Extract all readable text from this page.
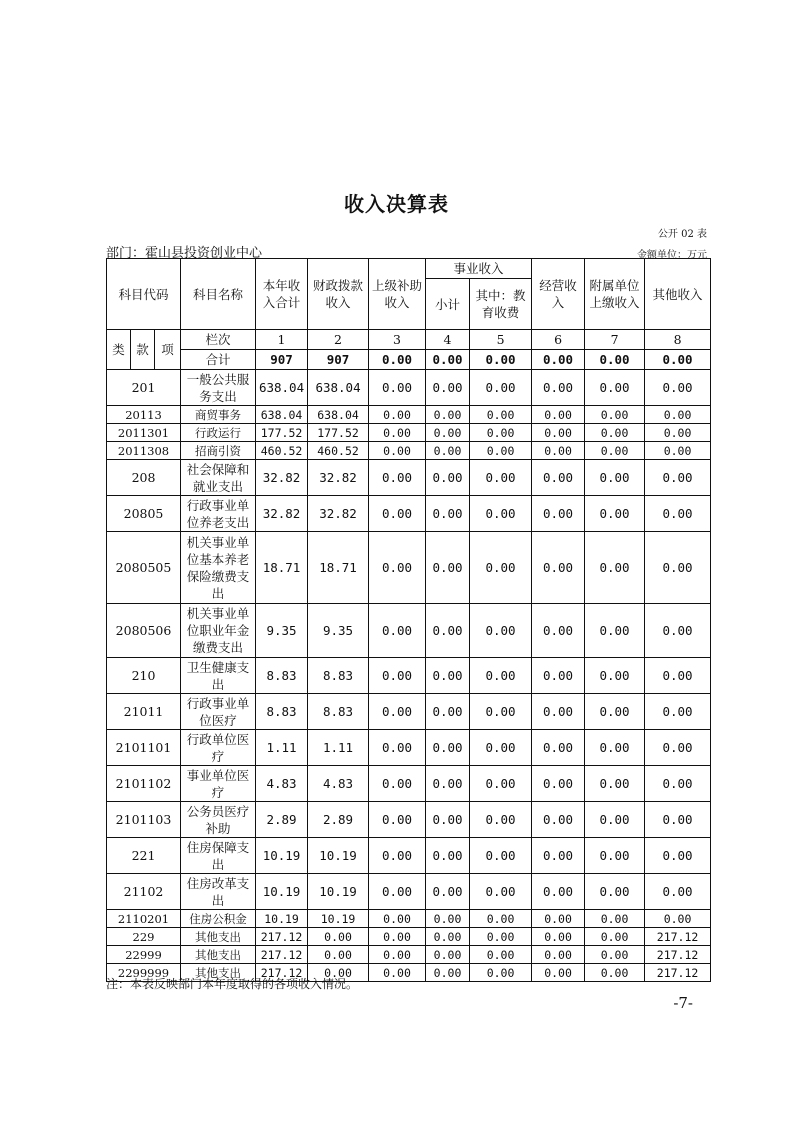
收入决算表
公开 02 表
部门：霍山县投资创业中心	金额单位：万元
科目代码			科目名称	本年收入合计	财政拨款收入	上级补助收入	事业收入		经营收入	附属单位上缴收入	其他收入
							小计	其中：教育收费			

类	款	项	栏次	1	2	3	4	5	6	7	8
			合计	907	907	0.00	0.00	0.00	0.00	0.00	0.00
201			一般公共服务支出	638.04	638.04	0.00	0.00	0.00	0.00	0.00	0.00
20113			商贸事务	638.04	638.04	0.00	0.00	0.00	0.00	0.00	0.00
2011301			行政运行	177.52	177.52	0.00	0.00	0.00	0.00	0.00	0.00
2011308			招商引资	460.52	460.52	0.00	0.00	0.00	0.00	0.00	0.00
208			社会保障和就业支出	32.82	32.82	0.00	0.00	0.00	0.00	0.00	0.00
20805			行政事业单位养老支出	32.82	32.82	0.00	0.00	0.00	0.00	0.00	0.00
2080505			机关事业单位基本养老保险缴费支出	18.71	18.71	0.00	0.00	0.00	0.00	0.00	0.00
2080506			机关事业单位职业年金缴费支出	9.35	9.35	0.00	0.00	0.00	0.00	0.00	0.00
210			卫生健康支出	8.83	8.83	0.00	0.00	0.00	0.00	0.00	0.00
21011			行政事业单位医疗	8.83	8.83	0.00	0.00	0.00	0.00	0.00	0.00
2101101			行政单位医疗	1.11	1.11	0.00	0.00	0.00	0.00	0.00	0.00
2101102			事业单位医疗	4.83	4.83	0.00	0.00	0.00	0.00	0.00	0.00
2101103			公务员医疗补助	2.89	2.89	0.00	0.00	0.00	0.00	0.00	0.00
221			住房保障支出	10.19	10.19	0.00	0.00	0.00	0.00	0.00	0.00
21102			住房改革支出	10.19	10.19	0.00	0.00	0.00	0.00	0.00	0.00
2110201			住房公积金	10.19	10.19	0.00	0.00	0.00	0.00	0.00	0.00
229			其他支出	217.12	0.00	0.00	0.00	0.00	0.00	0.00	217.12
22999			其他支出	217.12	0.00	0.00	0.00	0.00	0.00	0.00	217.12
2299999			其他支出	217.12	0.00	0.00	0.00	0.00	0.00	0.00	217.12
注：本表反映部门本年度取得的各项收入情况。
-7-
